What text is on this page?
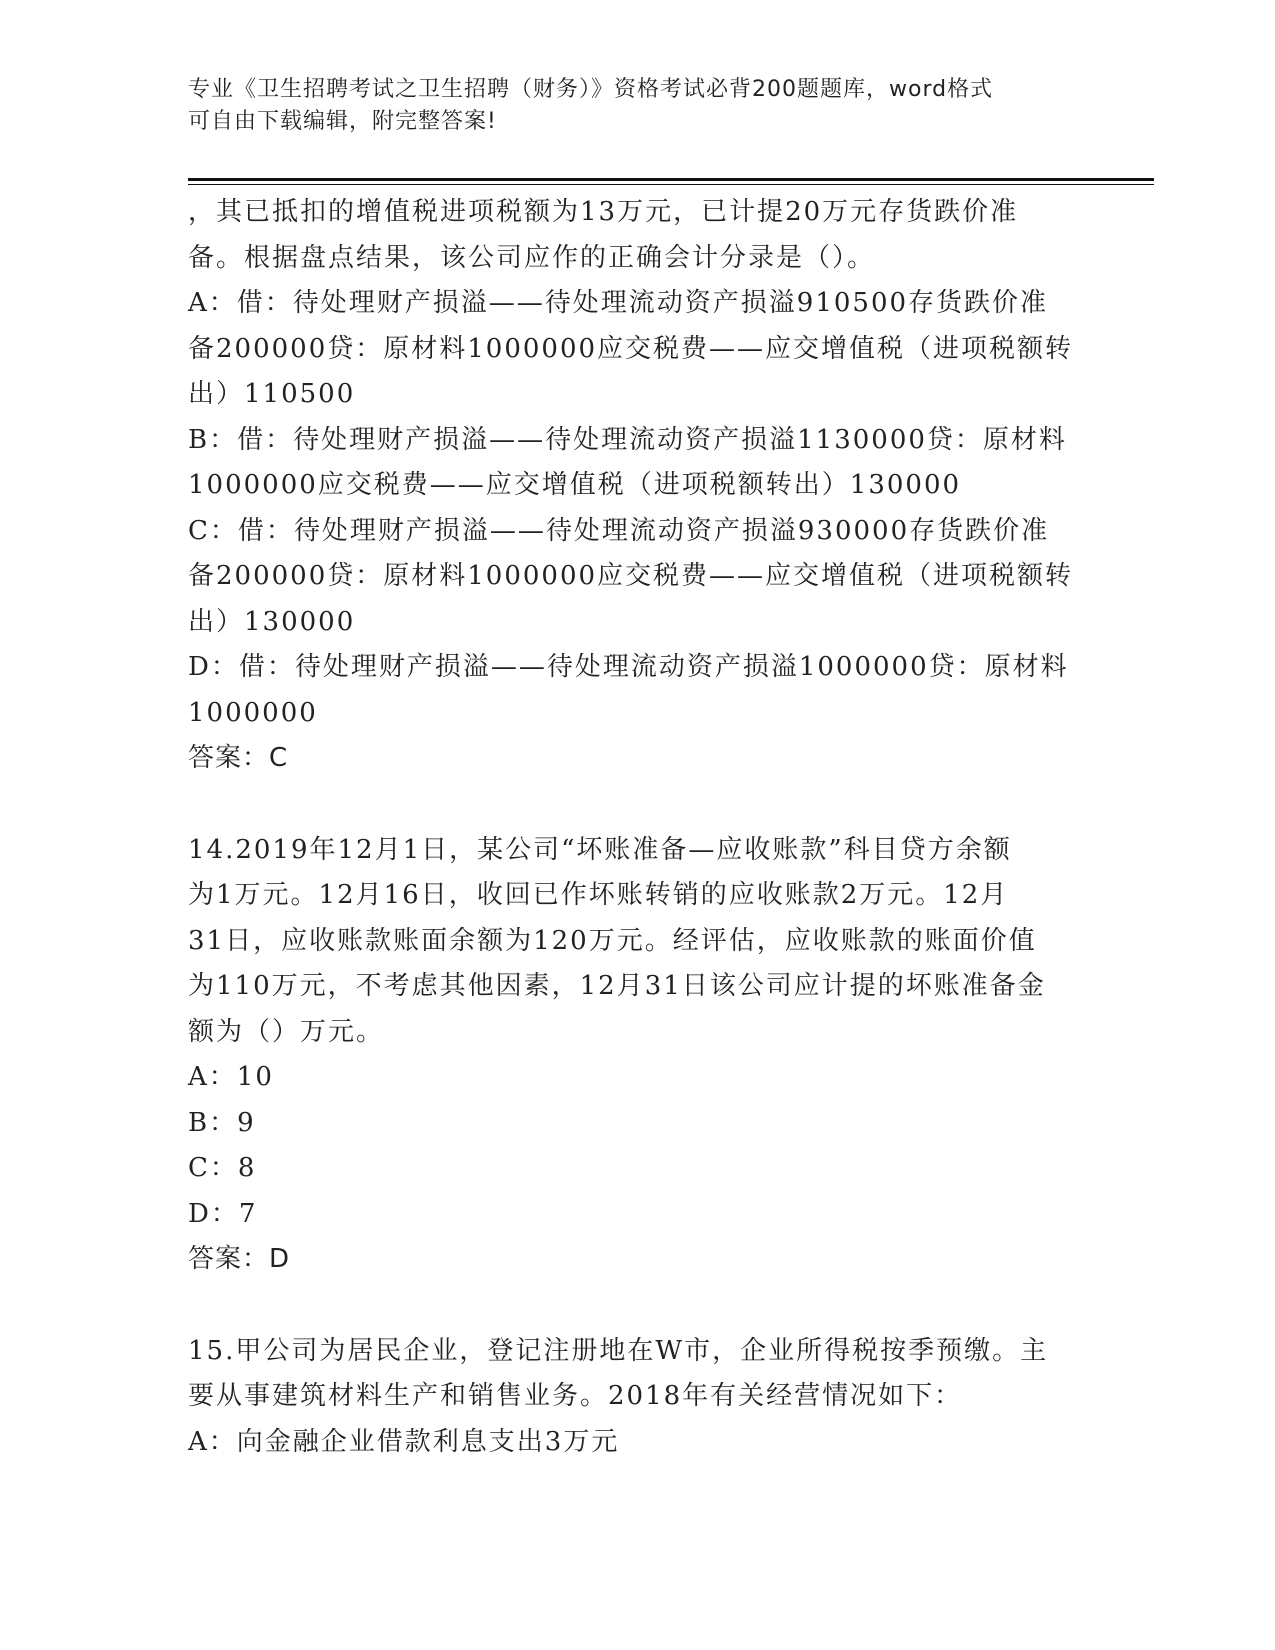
专业《卫生招聘考试之卫生招聘（财务）》资格考试必背200题题库，word格式
可自由下载编辑，附完整答案!

，其已抵扣的增值税进项税额为13万元，已计提20万元存货跌价准

备。根据盘点结果，该公司应作的正确会计分录是（）。

A：借：待处理财产损溢——待处理流动资产损溢910500存货跌价准

备200000贷：原材料1000000应交税费——应交增值税（进项税额转

出）110500

B：借：待处理财产损溢——待处理流动资产损溢1130000贷：原材料

1000000应交税费——应交增值税（进项税额转出）130000

C：借：待处理财产损溢——待处理流动资产损溢930000存货跌价准

备200000贷：原材料1000000应交税费——应交增值税（进项税额转

出）130000

D：借：待处理财产损溢——待处理流动资产损溢1000000贷：原材料

1000000

答案：C

14.2019年12月1日，某公司“坏账准备—应收账款”科目贷方余额

为1万元。12月16日，收回已作坏账转销的应收账款2万元。12月

31日，应收账款账面余额为120万元。经评估，应收账款的账面价值

为110万元，不考虑其他因素，12月31日该公司应计提的坏账准备金

额为（）万元。

A：10

B：9

C：8

D：7

答案：D

15.甲公司为居民企业，登记注册地在W市，企业所得税按季预缴。主

要从事建筑材料生产和销售业务。2018年有关经营情况如下：

A：向金融企业借款利息支出3万元
